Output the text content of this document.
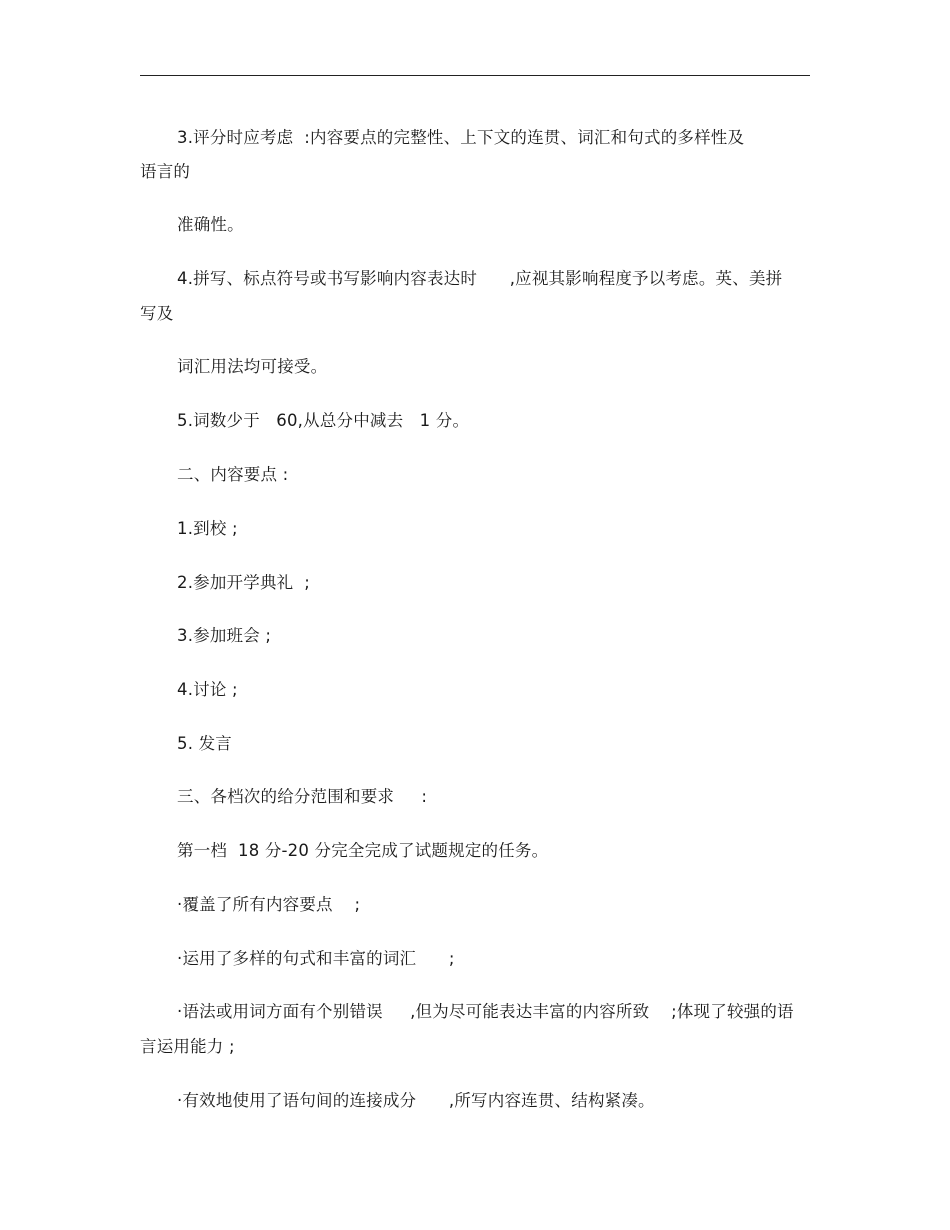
3.评分时应考虑  :内容要点的完整性、上下文的连贯、词汇和句式的多样性及
语言的
准确性。
4.拼写、标点符号或书写影响内容表达时      ,应视其影响程度予以考虑。英、美拼
写及
词汇用法均可接受。
5.词数少于   60,从总分中减去   1 分。
二、内容要点 :
1.到校 ;
2.参加开学典礼  ;
3.参加班会 ;
4.讨论 ;
5. 发言
三、各档次的给分范围和要求     :
第一档  18 分-20 分完全完成了试题规定的任务。
·覆盖了所有内容要点    ;
·运用了多样的句式和丰富的词汇      ;
·语法或用词方面有个别错误     ,但为尽可能表达丰富的内容所致    ;体现了较强的语
言运用能力 ;
·有效地使用了语句间的连接成分      ,所写内容连贯、结构紧凑。
